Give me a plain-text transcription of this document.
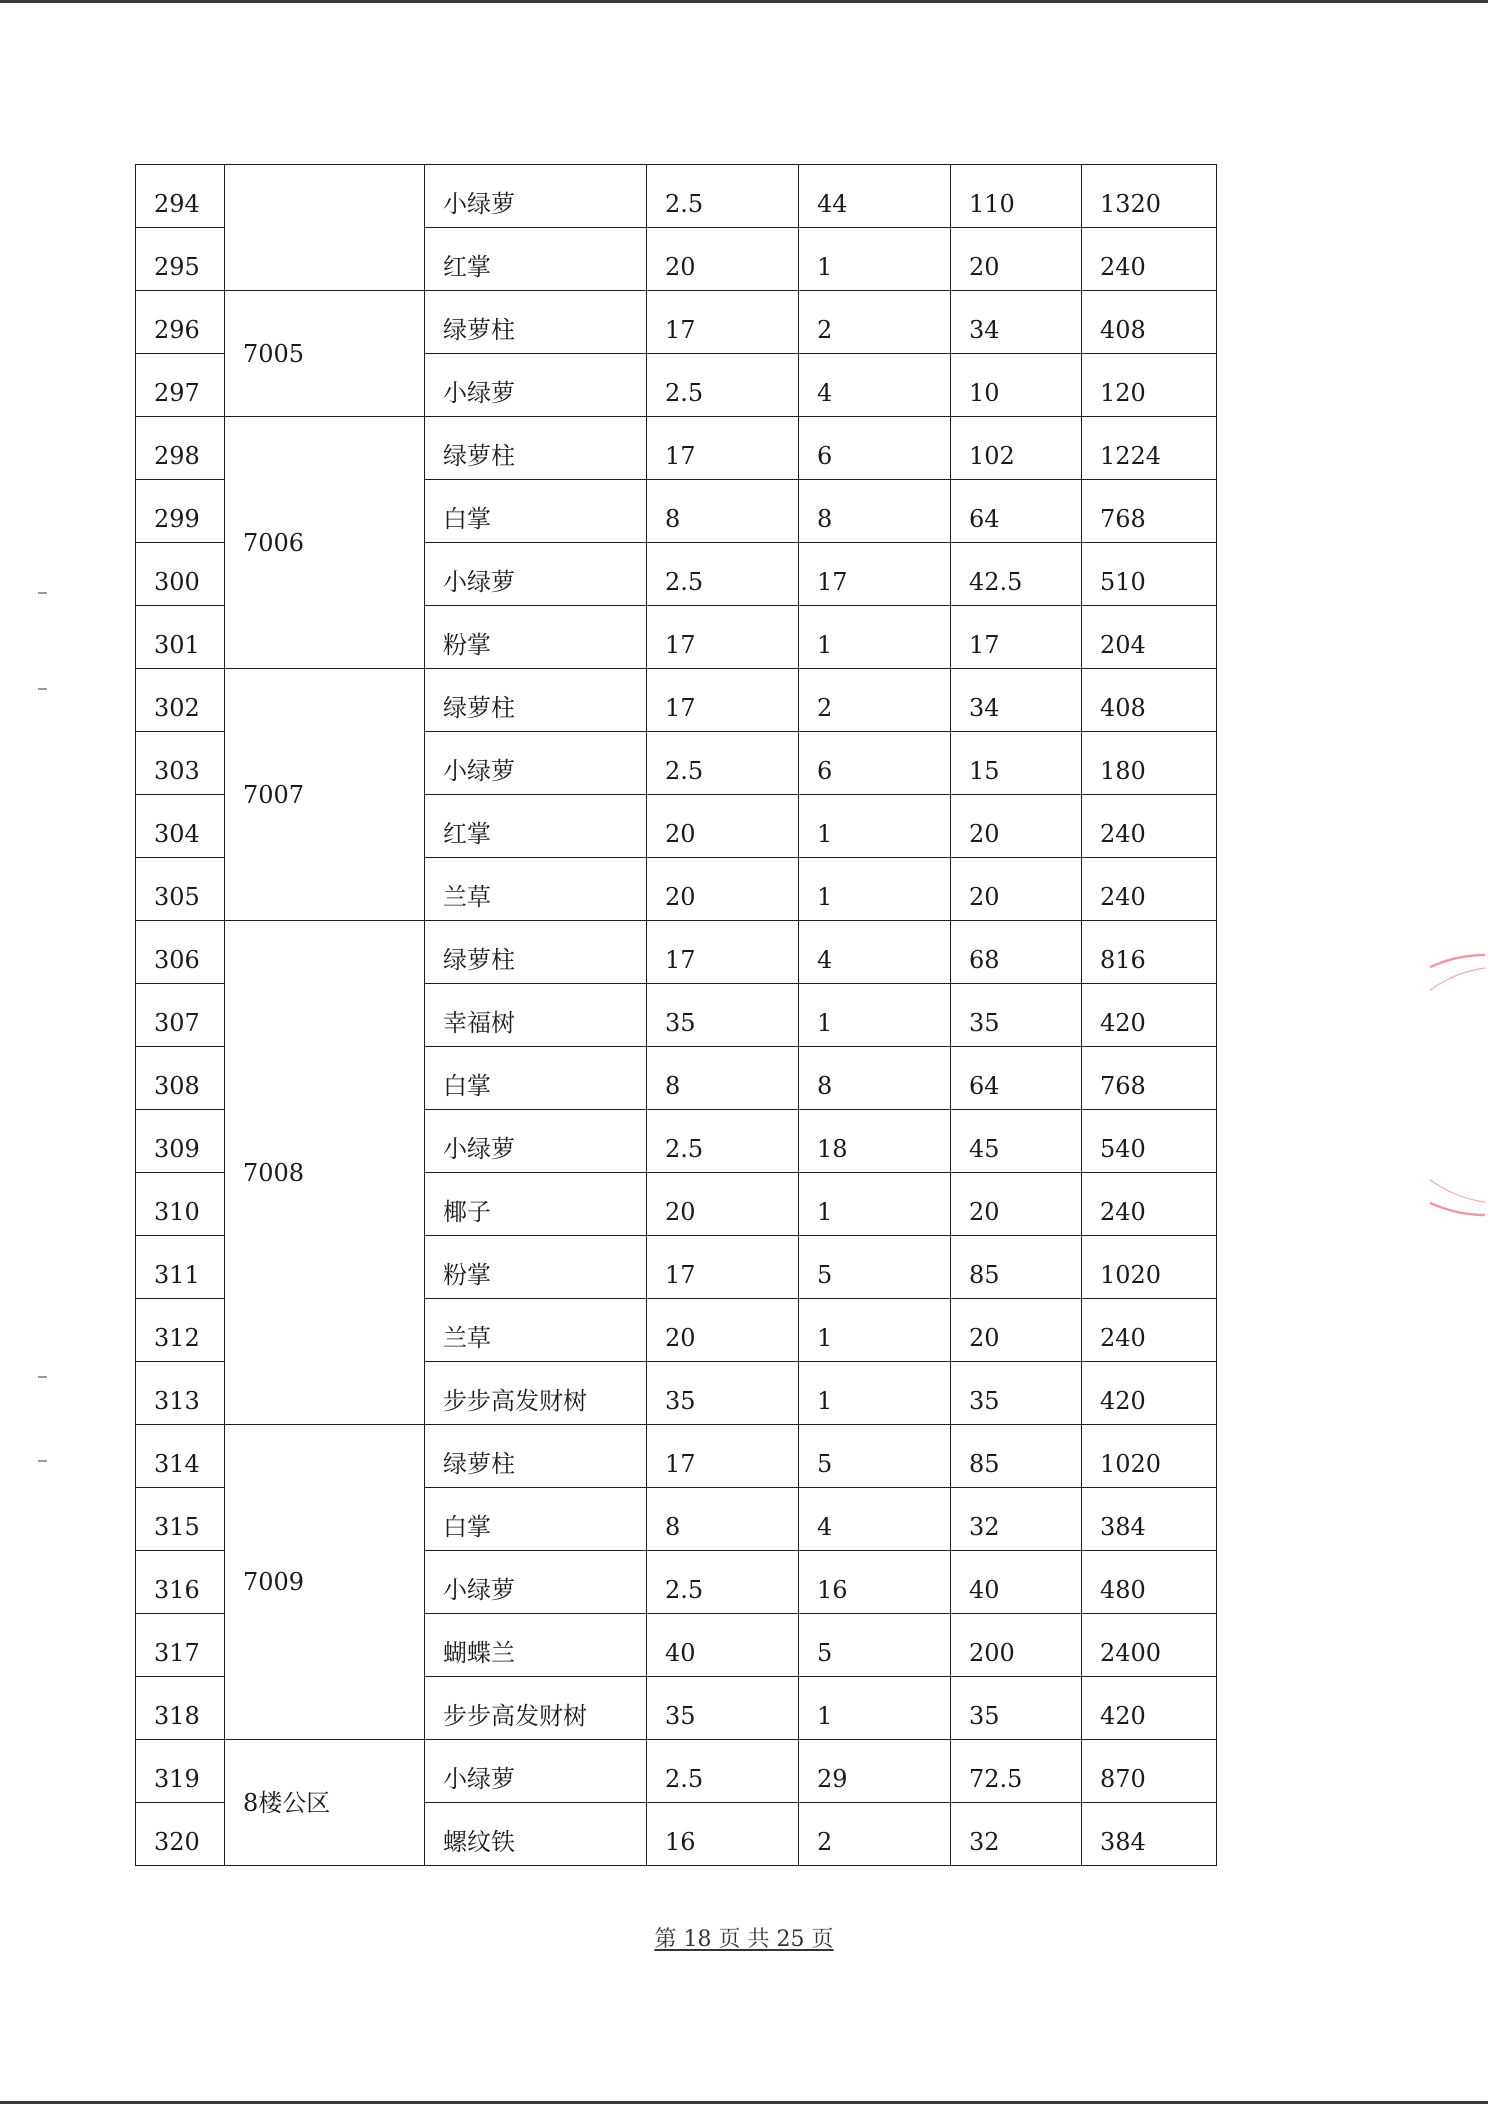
294		小绿萝	2.5	44	110	1320

295		红掌	20	1	20	240

296	7005	绿萝柱	17	2	34	408

297		小绿萝	2.5	4	10	120

298	7006	绿萝柱	17	6	102	1224

299		白掌	8	8	64	768

300		小绿萝	2.5	17	42.5	510

301		粉掌	17	1	17	204

302	7007	绿萝柱	17	2	34	408

303		小绿萝	2.5	6	15	180

304		红掌	20	1	20	240

305		兰草	20	1	20	240

306	7008	绿萝柱	17	4	68	816

307		幸福树	35	1	35	420

308		白掌	8	8	64	768

309		小绿萝	2.5	18	45	540

310		椰子	20	1	20	240

311		粉掌	17	5	85	1020

312		兰草	20	1	20	240

313		步步高发财树	35	1	35	420

314	7009	绿萝柱	17	5	85	1020

315		白掌	8	4	32	384

316		小绿萝	2.5	16	40	480

317		蝴蝶兰	40	5	200	2400

318		步步高发财树	35	1	35	420

319	8楼公区	小绿萝	2.5	29	72.5	870

320		螺纹铁	16	2	32	384
第 18 页 共 25 页
